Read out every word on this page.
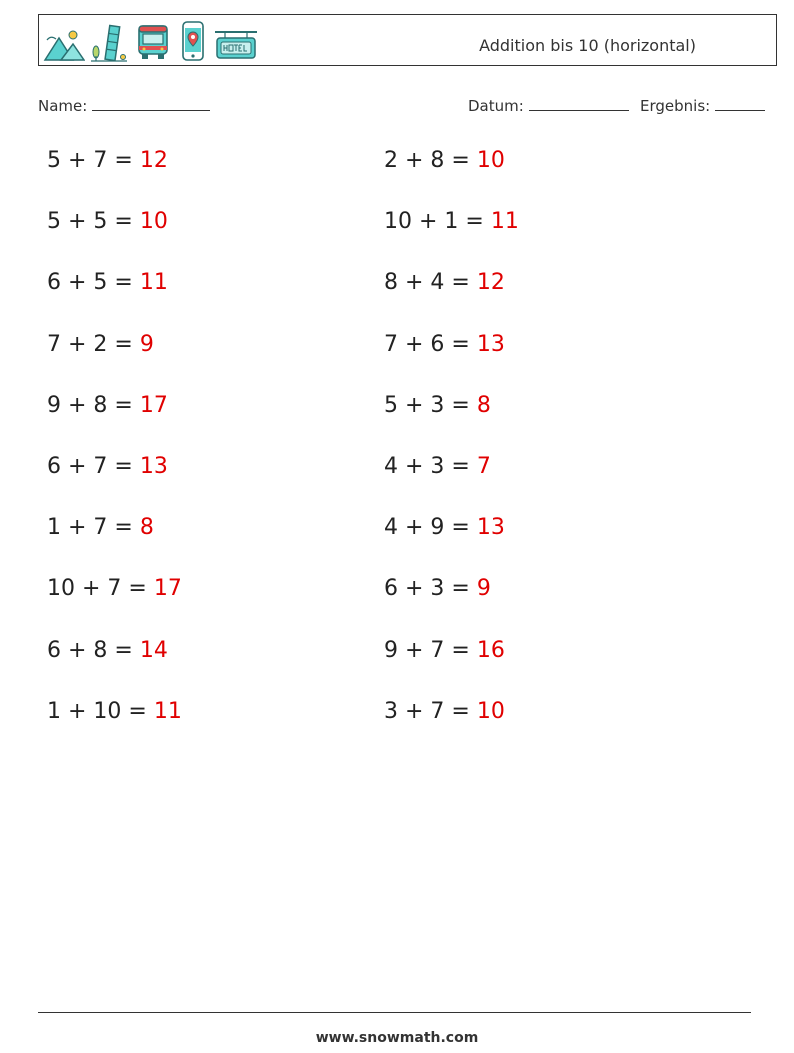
Addition bis 10 (horizontal)
Name:	Datum:	Ergebnis:
5 + 7 = 12
5 + 5 = 10
6 + 5 = 11
7 + 2 = 9
9 + 8 = 17
6 + 7 = 13
1 + 7 = 8
10 + 7 = 17
6 + 8 = 14
1 + 10 = 11
2 + 8 = 10
10 + 1 = 11
8 + 4 = 12
7 + 6 = 13
5 + 3 = 8
4 + 3 = 7
4 + 9 = 13
6 + 3 = 9
9 + 7 = 16
3 + 7 = 10
www.snowmath.com
